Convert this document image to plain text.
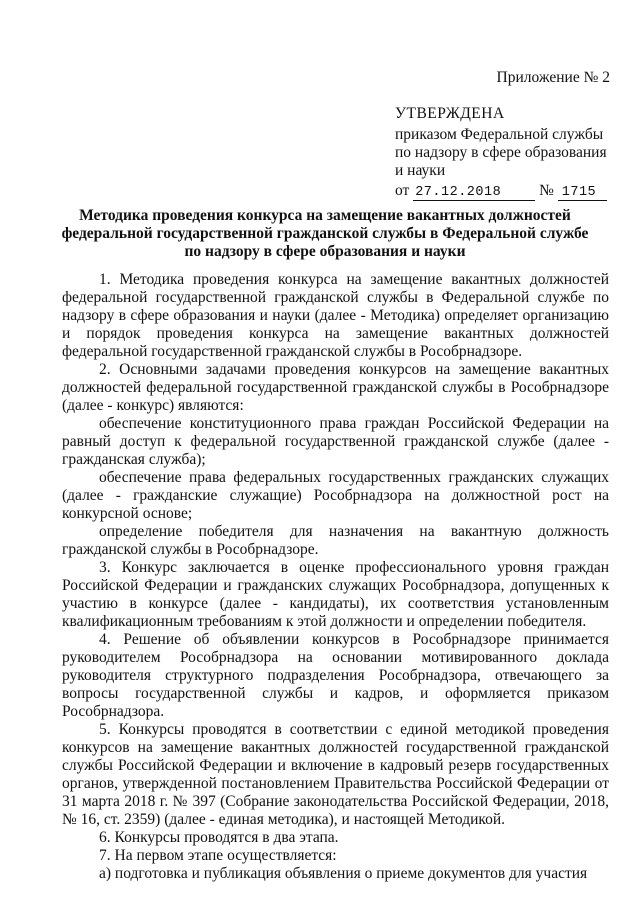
Приложение № 2
УТВЕРЖДЕНА
приказом Федеральной службы
по надзору в сфере образования
и науки
от 27.12.2018 № 1715
Методика проведения конкурса на замещение вакантных должностей
федеральной государственной гражданской службы в Федеральной службе
по надзору в сфере образования и науки

1. Методика проведения конкурса на замещение вакантных должностей федеральной государственной гражданской службы в Федеральной службе по надзору в сфере образования и науки (далее - Методика) определяет организацию и порядок проведения конкурса на замещение вакантных должностей федеральной государственной гражданской службы в Рособрнадзоре.

2. Основными задачами проведения конкурсов на замещение вакантных должностей федеральной государственной гражданской службы в Рособрнадзоре (далее - конкурс) являются:

обеспечение конституционного права граждан Российской Федерации на равный доступ к федеральной государственной гражданской службе (далее - гражданская служба);

обеспечение права федеральных государственных гражданских служащих (далее - гражданские служащие) Рособрнадзора на должностной рост на конкурсной основе;

определение победителя для назначения на вакантную должность гражданской службы в Рособрнадзоре.

3. Конкурс заключается в оценке профессионального уровня граждан Российской Федерации и гражданских служащих Рособрнадзора, допущенных к участию в конкурсе (далее - кандидаты), их соответствия установленным квалификационным требованиям к этой должности и определении победителя.

4. Решение об объявлении конкурсов в Рособрнадзоре принимается руководителем Рособрнадзора на основании мотивированного доклада руководителя структурного подразделения Рособрнадзора, отвечающего за вопросы государственной службы и кадров, и оформляется приказом Рособрнадзора.

5. Конкурсы проводятся в соответствии с единой методикой проведения конкурсов на замещение вакантных должностей государственной гражданской службы Российской Федерации и включение в кадровый резерв государственных органов, утвержденной постановлением Правительства Российской Федерации от 31 марта 2018 г. № 397 (Собрание законодательства Российской Федерации, 2018, № 16, ст. 2359) (далее - единая методика), и настоящей Методикой.

6. Конкурсы проводятся в два этапа.

7. На первом этапе осуществляется:

а) подготовка и публикация объявления о приеме документов для участия
